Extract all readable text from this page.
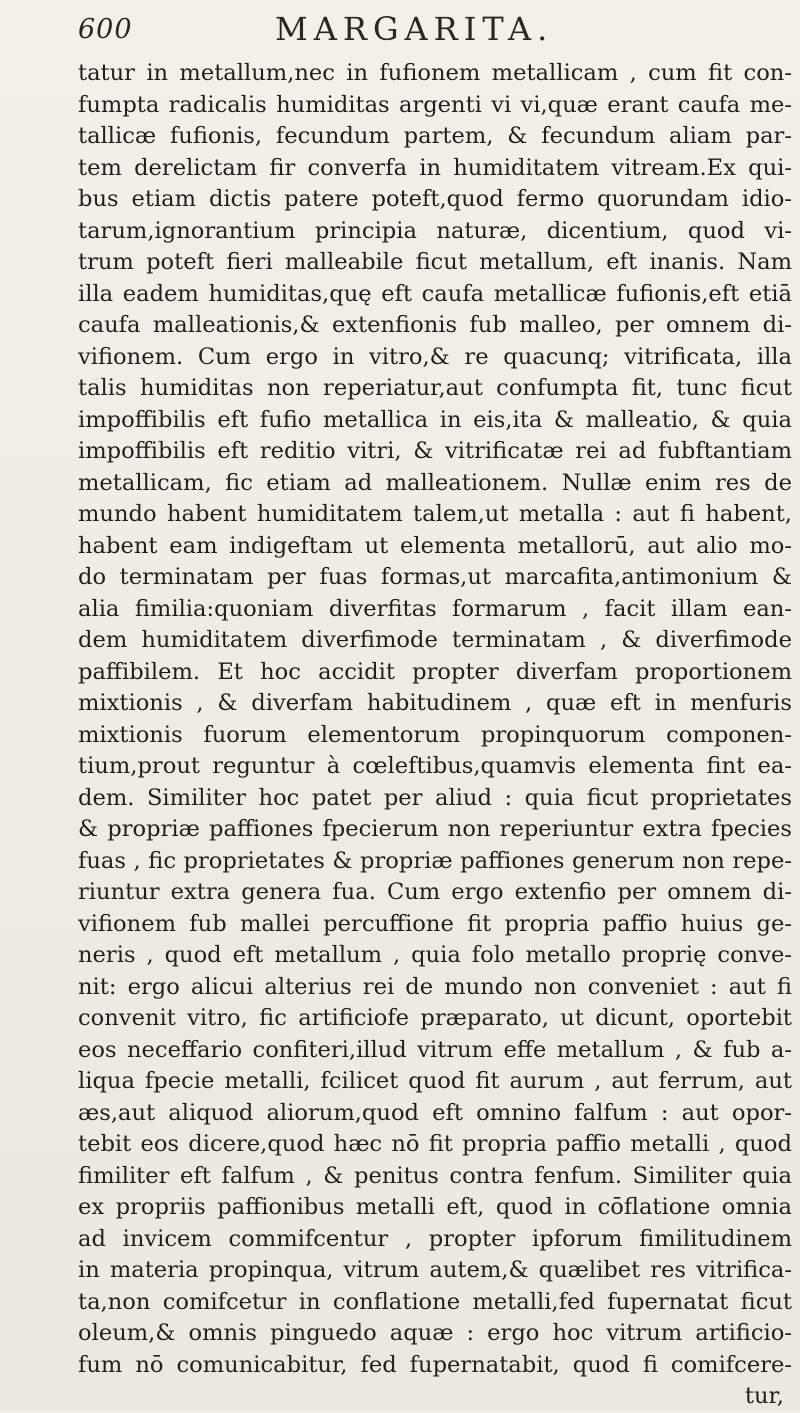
600	MARGARITA.
tatur in metallum,nec in fufionem metallicam , cum fit con-
fumpta radicalis humiditas argenti vi vi,quæ erant caufa me-
tallicæ fufionis, fecundum partem, & fecundum aliam par-
tem derelictam fir converfa in humiditatem vitream.Ex qui-
bus etiam dictis patere poteft,quod fermo quorundam idio-
tarum,ignorantium principia naturæ, dicentium, quod vi-
trum poteft fieri malleabile ficut metallum, eft inanis. Nam
illa eadem humiditas,quę eft caufa metallicæ fufionis,eft etiā
caufa malleationis,& extenfionis fub malleo, per omnem di-
vifionem. Cum ergo in vitro,& re quacunq; vitrificata, illa
talis humiditas non reperiatur,aut confumpta fit, tunc ficut
impoffibilis eft fufio metallica in eis,ita & malleatio, & quia
impoffibilis eft reditio vitri, & vitrificatæ rei ad fubftantiam
metallicam, fic etiam ad malleationem. Nullæ enim res de
mundo habent humiditatem talem,ut metalla : aut fi habent,
habent eam indigeftam ut elementa metallorū, aut alio mo-
do terminatam per fuas formas,ut marcafita,antimonium &
alia fimilia:quoniam diverfitas formarum , facit illam ean-
dem humiditatem diverfimode terminatam , & diverfimode
paffibilem. Et hoc accidit propter diverfam proportionem
mixtionis , & diverfam habitudinem , quæ eft in menfuris
mixtionis fuorum elementorum propinquorum componen-
tium,prout reguntur à cœleftibus,quamvis elementa fint ea-
dem. Similiter hoc patet per aliud : quia ficut proprietates
& propriæ paffiones fpecierum non reperiuntur extra fpecies
fuas , fic proprietates & propriæ paffiones generum non repe-
riuntur extra genera fua. Cum ergo extenfio per omnem di-
vifionem fub mallei percuffione fit propria paffio huius ge-
neris , quod eft metallum , quia folo metallo proprię conve-
nit: ergo alicui alterius rei de mundo non conveniet : aut fi
convenit vitro, fic artificiofe præparato, ut dicunt, oportebit
eos neceffario confiteri,illud vitrum effe metallum , & fub a-
liqua fpecie metalli, fcilicet quod fit aurum , aut ferrum, aut
æs,aut aliquod aliorum,quod eft omnino falfum : aut opor-
tebit eos dicere,quod hæc nō fit propria paffio metalli , quod
fimiliter eft falfum , & penitus contra fenfum. Similiter quia
ex propriis paffionibus metalli eft, quod in cōflatione omnia
ad invicem commifcentur , propter ipforum fimilitudinem
in materia propinqua, vitrum autem,& quælibet res vitrifica-
ta,non comifcetur in conflatione metalli,fed fupernatat ficut
oleum,& omnis pinguedo aquæ : ergo hoc vitrum artificio-
fum nō comunicabitur, fed fupernatabit, quod fi comifcere-
tur,
